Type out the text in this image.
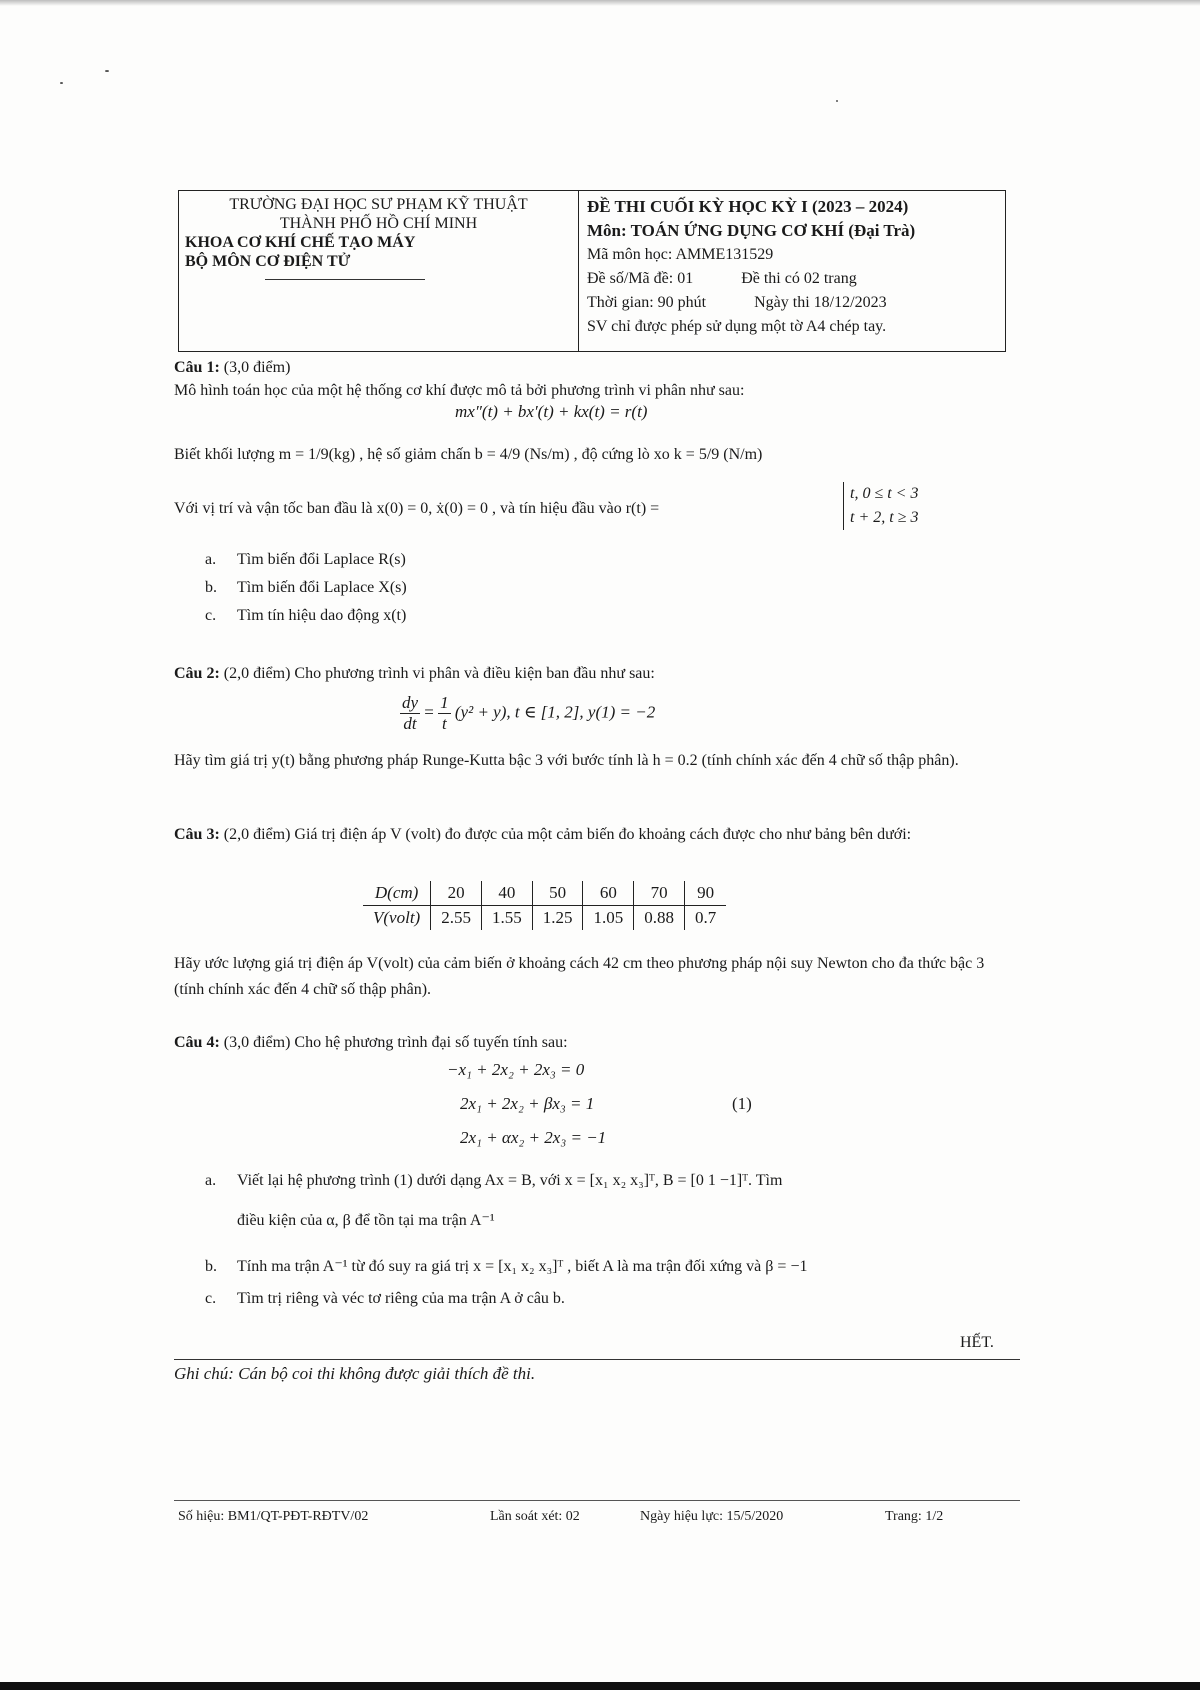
TRƯỜNG ĐẠI HỌC SƯ PHẠM KỸ THUẬT
THÀNH PHỐ HỒ CHÍ MINH
KHOA CƠ KHÍ CHẾ TẠO MÁY
BỘ MÔN CƠ ĐIỆN TỬ
ĐỀ THI CUỐI KỲ HỌC KỲ I (2023 – 2024)
Môn: TOÁN ỨNG DỤNG CƠ KHÍ (Đại Trà)
Mã môn học: AMME131529
Đề số/Mã đề: 01	Đề thi có 02 trang
Thời gian: 90 phút	Ngày thi 18/12/2023
SV chỉ được phép sử dụng một tờ A4 chép tay.
Câu 1: (3,0 điểm)
Mô hình toán học của một hệ thống cơ khí được mô tả bởi phương trình vi phân như sau:
mx″(t) + bx′(t) + kx(t) = r(t)
Biết khối lượng m = 1/9(kg) , hệ số giảm chấn b = 4/9 (Ns/m) , độ cứng lò xo k = 5/9 (N/m)
Với vị trí và vận tốc ban đầu là x(0) = 0, ẋ(0) = 0 , và tín hiệu đầu vào r(t) =
t, 0 ≤ t < 3
t + 2, t ≥ 3
a. Tìm biến đổi Laplace R(s)
b. Tìm biến đổi Laplace X(s)
c. Tìm tín hiệu dao động x(t)
Câu 2: (2,0 điểm) Cho phương trình vi phân và điều kiện ban đầu như sau:
$\frac{dy}{dt} = \frac{1}{t} (y^2 + y)$, t ∈ [1, 2], y(1) = −2
Hãy tìm giá trị y(t) bằng phương pháp Runge-Kutta bậc 3 với bước tính là h = 0.2 (tính chính xác đến 4 chữ số thập phân).
Câu 3: (2,0 điểm) Giá trị điện áp V (volt) đo được của một cảm biến đo khoảng cách được cho như bảng bên dưới:
D(cm)	20	40	50	60	70	90
V(volt)	2.55	1.55	1.25	1.05	0.88	0.7
Hãy ước lượng giá trị điện áp V(volt) của cảm biến ở khoảng cách 42 cm theo phương pháp nội suy Newton cho đa thức bậc 3 (tính chính xác đến 4 chữ số thập phân).
Câu 4: (3,0 điểm) Cho hệ phương trình đại số tuyến tính sau:
−x₁ + 2x₂ + 2x₃ = 0
2x₁ + 2x₂ + βx₃ = 1	(1)
2x₁ + αx₂ + 2x₃ = −1
a. Viết lại hệ phương trình (1) dưới dạng Ax = B, với x = [x₁ x₂ x₃]ᵀ, B = [0 1 −1]ᵀ. Tìm
điều kiện của α, β để tồn tại ma trận A⁻¹
b. Tính ma trận A⁻¹ từ đó suy ra giá trị x = [x₁ x₂ x₃]ᵀ , biết A là ma trận đối xứng và β = −1
c. Tìm trị riêng và véc tơ riêng của ma trận A ở câu b.
HẾT.
Ghi chú: Cán bộ coi thi không được giải thích đề thi.
Số hiệu: BM1/QT-PĐT-RĐTV/02	Lần soát xét: 02	Ngày hiệu lực: 15/5/2020	Trang: 1/2
